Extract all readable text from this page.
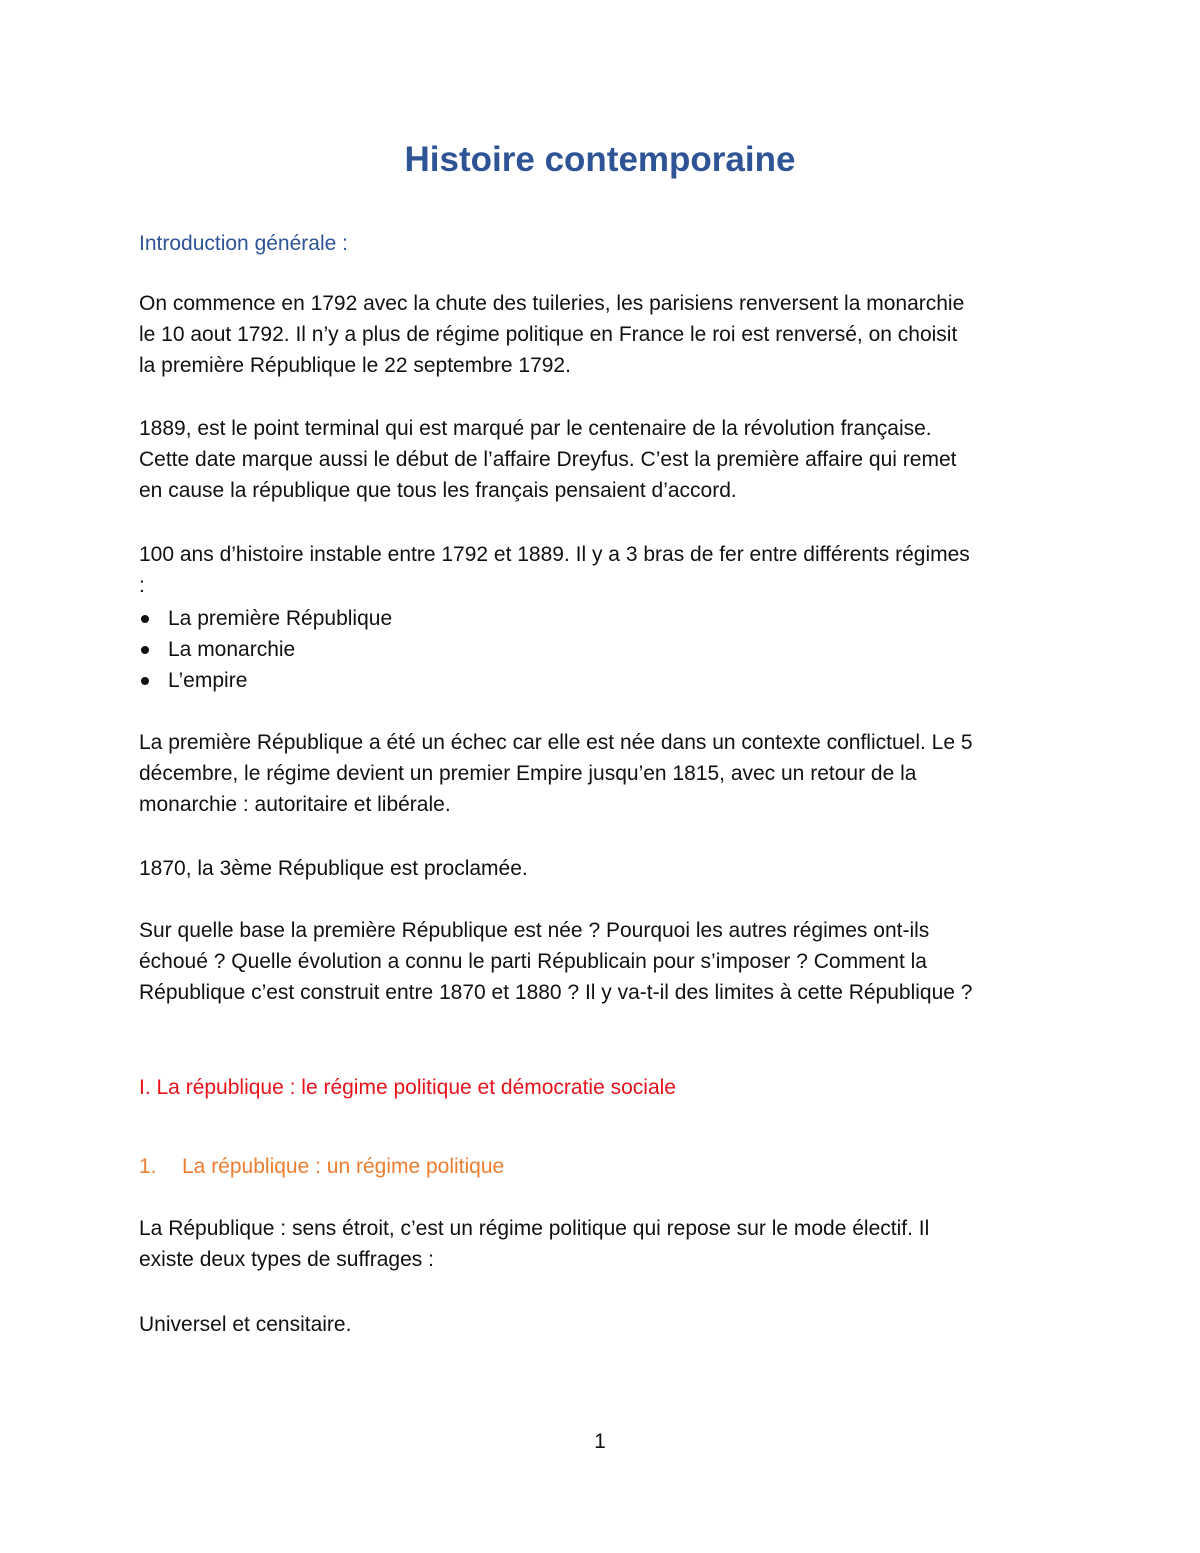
Histoire contemporaine
Introduction générale :
On commence en 1792 avec la chute des tuileries, les parisiens renversent la monarchie
le 10 aout 1792. Il n’y a plus de régime politique en France le roi est renversé, on choisit
la première République le 22 septembre 1792.
1889, est le point terminal qui est marqué par le centenaire de la révolution française.
Cette date marque aussi le début de l’affaire Dreyfus. C’est la première affaire qui remet
en cause la république que tous les français pensaient d’accord.
100 ans d’histoire instable entre 1792 et 1889. Il y a 3 bras de fer entre différents régimes
:
La première République
La monarchie
L’empire
La première République a été un échec car elle est née dans un contexte conflictuel. Le 5
décembre, le régime devient un premier Empire jusqu’en 1815, avec un retour de la
monarchie : autoritaire et libérale.
1870, la 3ème République est proclamée.
Sur quelle base la première République est née ? Pourquoi les autres régimes ont-ils
échoué ? Quelle évolution a connu le parti Républicain pour s’imposer ? Comment la
République c’est construit entre 1870 et 1880 ? Il y va-t-il des limites à cette République ?
I. La république : le régime politique et démocratie sociale
1.	La république : un régime politique
La République : sens étroit, c’est un régime politique qui repose sur le mode électif. Il
existe deux types de suffrages :
Universel et censitaire.
1
